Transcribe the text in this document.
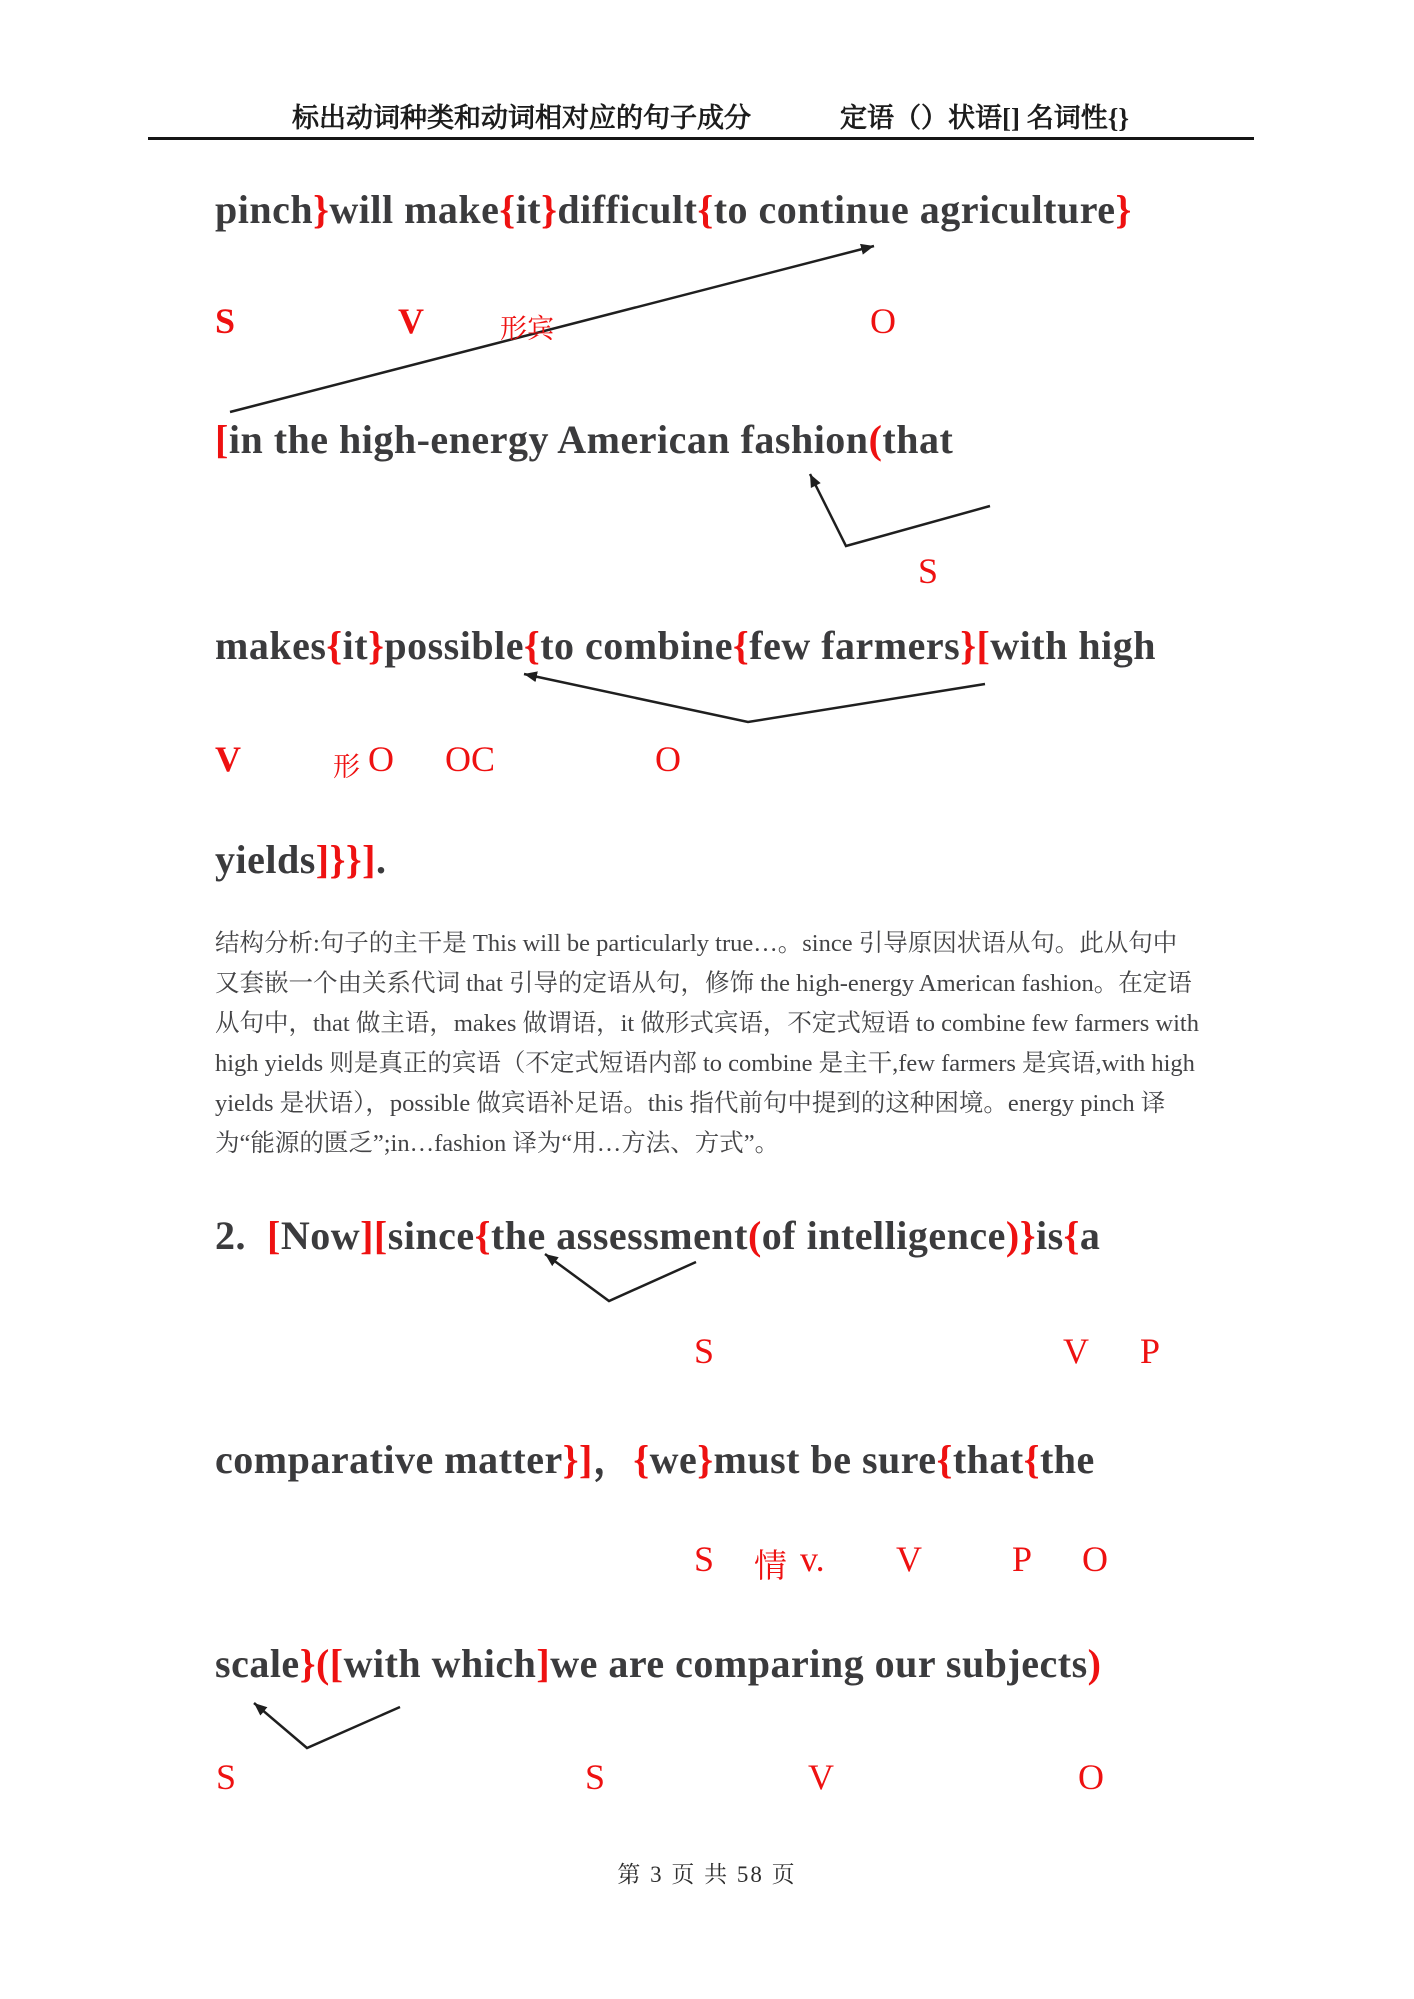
标出动词种类和动词相对应的句子成分	定语（）状语[] 名词性{}
pinch}will make{it}difficult{to continue agriculture}
S	V	形宾	O
[in the high-energy American fashion(that
S
makes{it}possible{to combine{few farmers}[with high
V	形 O OC	O
yields]}}].
结构分析:句子的主干是 This will be particularly true…。since 引导原因状语从句。此从句中
又套嵌一个由关系代词 that 引导的定语从句，修饰 the high-energy American fashion。在定语
从句中，that 做主语，makes 做谓语，it 做形式宾语，不定式短语 to combine few farmers with
high yields 则是真正的宾语（不定式短语内部 to combine 是主干,few farmers 是宾语,with high
yields 是状语），possible 做宾语补足语。this 指代前句中提到的这种困境。energy pinch 译
为“能源的匮乏”;in…fashion 译为“用…方法、方式”。
2.  [Now][since{the assessment(of intelligence)}is{a
S	V P
comparative matter}]，{we}must be sure{that{the
S 情 v. V	P O
scale}([with which]we are comparing our subjects)
S	S	V	O
第 3 页 共 58 页
